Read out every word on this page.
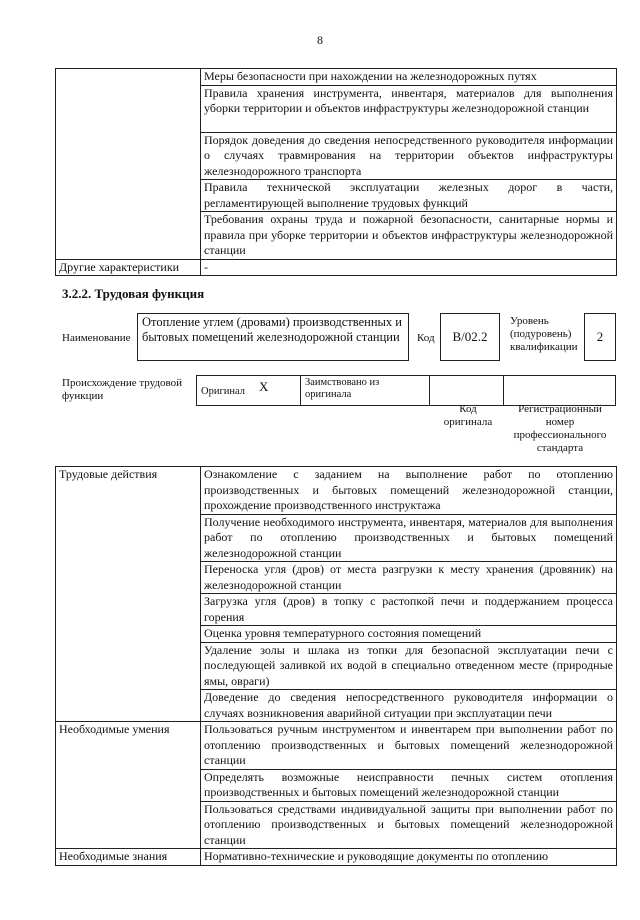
8
	Меры безопасности при нахождении на железнодорожных путях
	Правила хранения инструмента, инвентаря, материалов для выполнения уборки территории и объектов инфраструктуры железнодорожной станции
	Порядок доведения до сведения непосредственного руководителя информации о случаях травмирования на территории объектов инфраструктуры железнодорожного транспорта
	Правила технической эксплуатации железных дорог в части, регламентирующей выполнение трудовых функций
	Требования охраны труда и пожарной безопасности, санитарные нормы и правила при уборке территории и объектов инфраструктуры железнодорожной станции
Другие характеристики	-
3.2.2. Трудовая функция
Наименование
Отопление углем (дровами) производственных и бытовых помещений железнодорожной станции	Код	B/02.2
Уровень (подуровень) квалификации
2
Происхождение трудовой функции	Оригинал X	Заимствовано из оригинала		
Код оригинала
Регистрационный номер профессионального стандарта
Трудовые действия	Ознакомление с заданием на выполнение работ по отоплению производственных и бытовых помещений железнодорожной станции, прохождение производственного инструктажа
	Получение необходимого инструмента, инвентаря, материалов для выполнения работ по отоплению производственных и бытовых помещений железнодорожной станции
	Переноска угля (дров) от места разгрузки к месту хранения (дровяник) на железнодорожной станции
	Загрузка угля (дров) в топку с растопкой печи и поддержанием процесса горения
	Оценка уровня температурного состояния помещений
	Удаление золы и шлака из топки для безопасной эксплуатации печи с последующей заливкой их водой в специально отведенном месте (природные ямы, овраги)
	Доведение до сведения непосредственного руководителя информации о случаях возникновения аварийной ситуации при эксплуатации печи
Необходимые умения	Пользоваться ручным инструментом и инвентарем при выполнении работ по отоплению производственных и бытовых помещений железнодорожной станции
	Определять возможные неисправности печных систем отопления производственных и бытовых помещений железнодорожной станции
	Пользоваться средствами индивидуальной защиты при выполнении работ по отоплению производственных и бытовых помещений железнодорожной станции
Необходимые знания	Нормативно-технические и руководящие документы по отоплению
